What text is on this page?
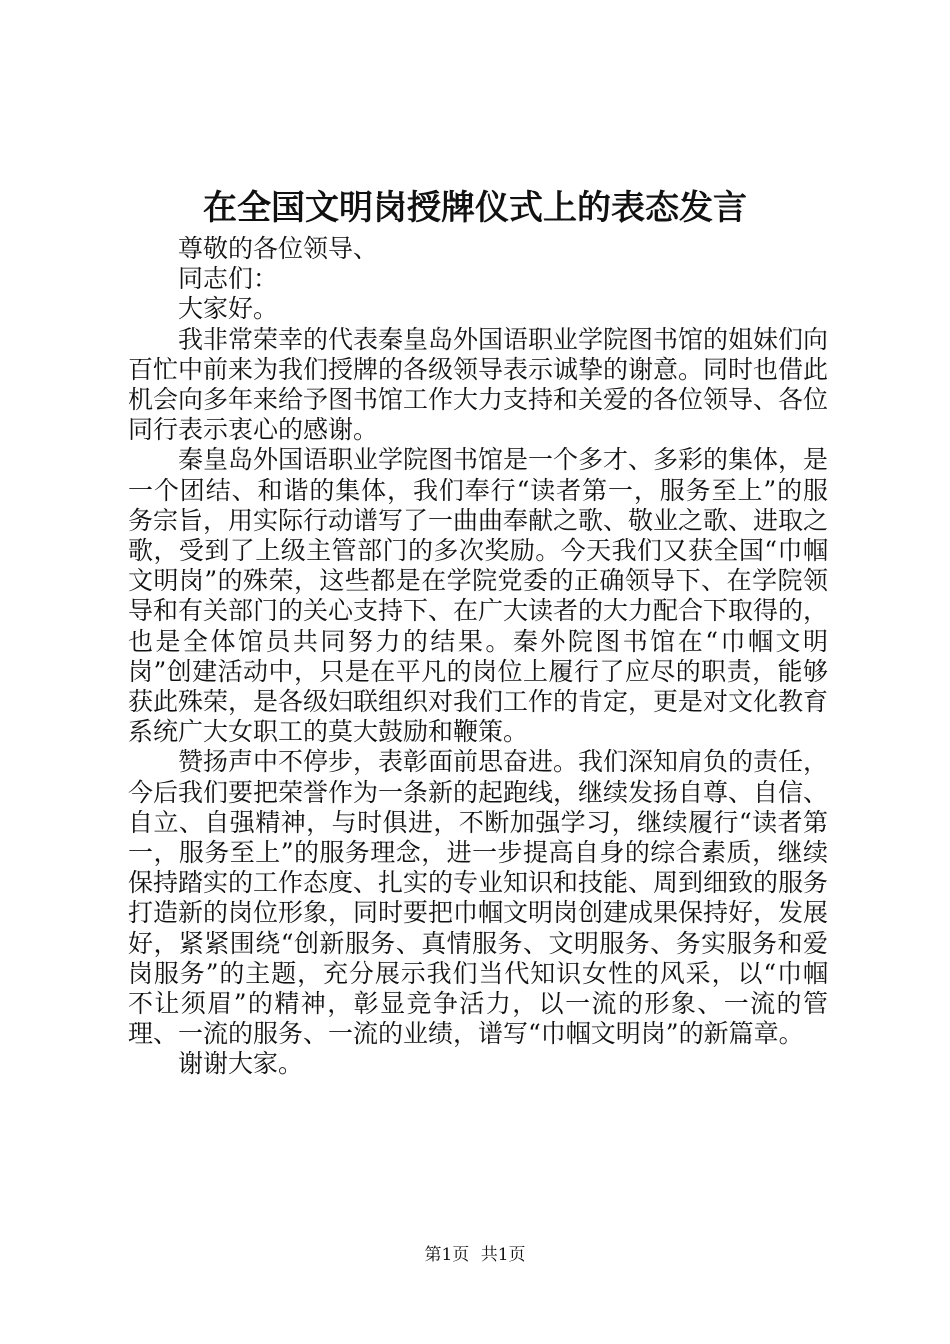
在全国文明岗授牌仪式上的表态发言

尊敬的各位领导、

同志们：

大家好。

我非常荣幸的代表秦皇岛外国语职业学院图书馆的姐妹们向百忙中前来为我们授牌的各级领导表示诚挚的谢意。同时也借此机会向多年来给予图书馆工作大力支持和关爱的各位领导、各位同行表示衷心的感谢。

秦皇岛外国语职业学院图书馆是一个多才、多彩的集体，是一个团结、和谐的集体，我们奉行“读者第一，服务至上”的服务宗旨，用实际行动谱写了一曲曲奉献之歌、敬业之歌、进取之歌，受到了上级主管部门的多次奖励。今天我们又获全国“巾帼文明岗”的殊荣，这些都是在学院党委的正确领导下、在学院领导和有关部门的关心支持下、在广大读者的大力配合下取得的，也是全体馆员共同努力的结果。秦外院图书馆在“巾帼文明岗”创建活动中，只是在平凡的岗位上履行了应尽的职责，能够获此殊荣，是各级妇联组织对我们工作的肯定，更是对文化教育系统广大女职工的莫大鼓励和鞭策。

赞扬声中不停步，表彰面前思奋进。我们深知肩负的责任，今后我们要把荣誉作为一条新的起跑线，继续发扬自尊、自信、自立、自强精神，与时俱进，不断加强学习，继续履行“读者第一，服务至上”的服务理念，进一步提高自身的综合素质，继续保持踏实的工作态度、扎实的专业知识和技能、周到细致的服务打造新的岗位形象，同时要把巾帼文明岗创建成果保持好，发展好，紧紧围绕“创新服务、真情服务、文明服务、务实服务和爱岗服务”的主题，充分展示我们当代知识女性的风采，以“巾帼不让须眉”的精神，彰显竞争活力，以一流的形象、一流的管理、一流的服务、一流的业绩，谱写“巾帼文明岗”的新篇章。

谢谢大家。

第1页 共1页
